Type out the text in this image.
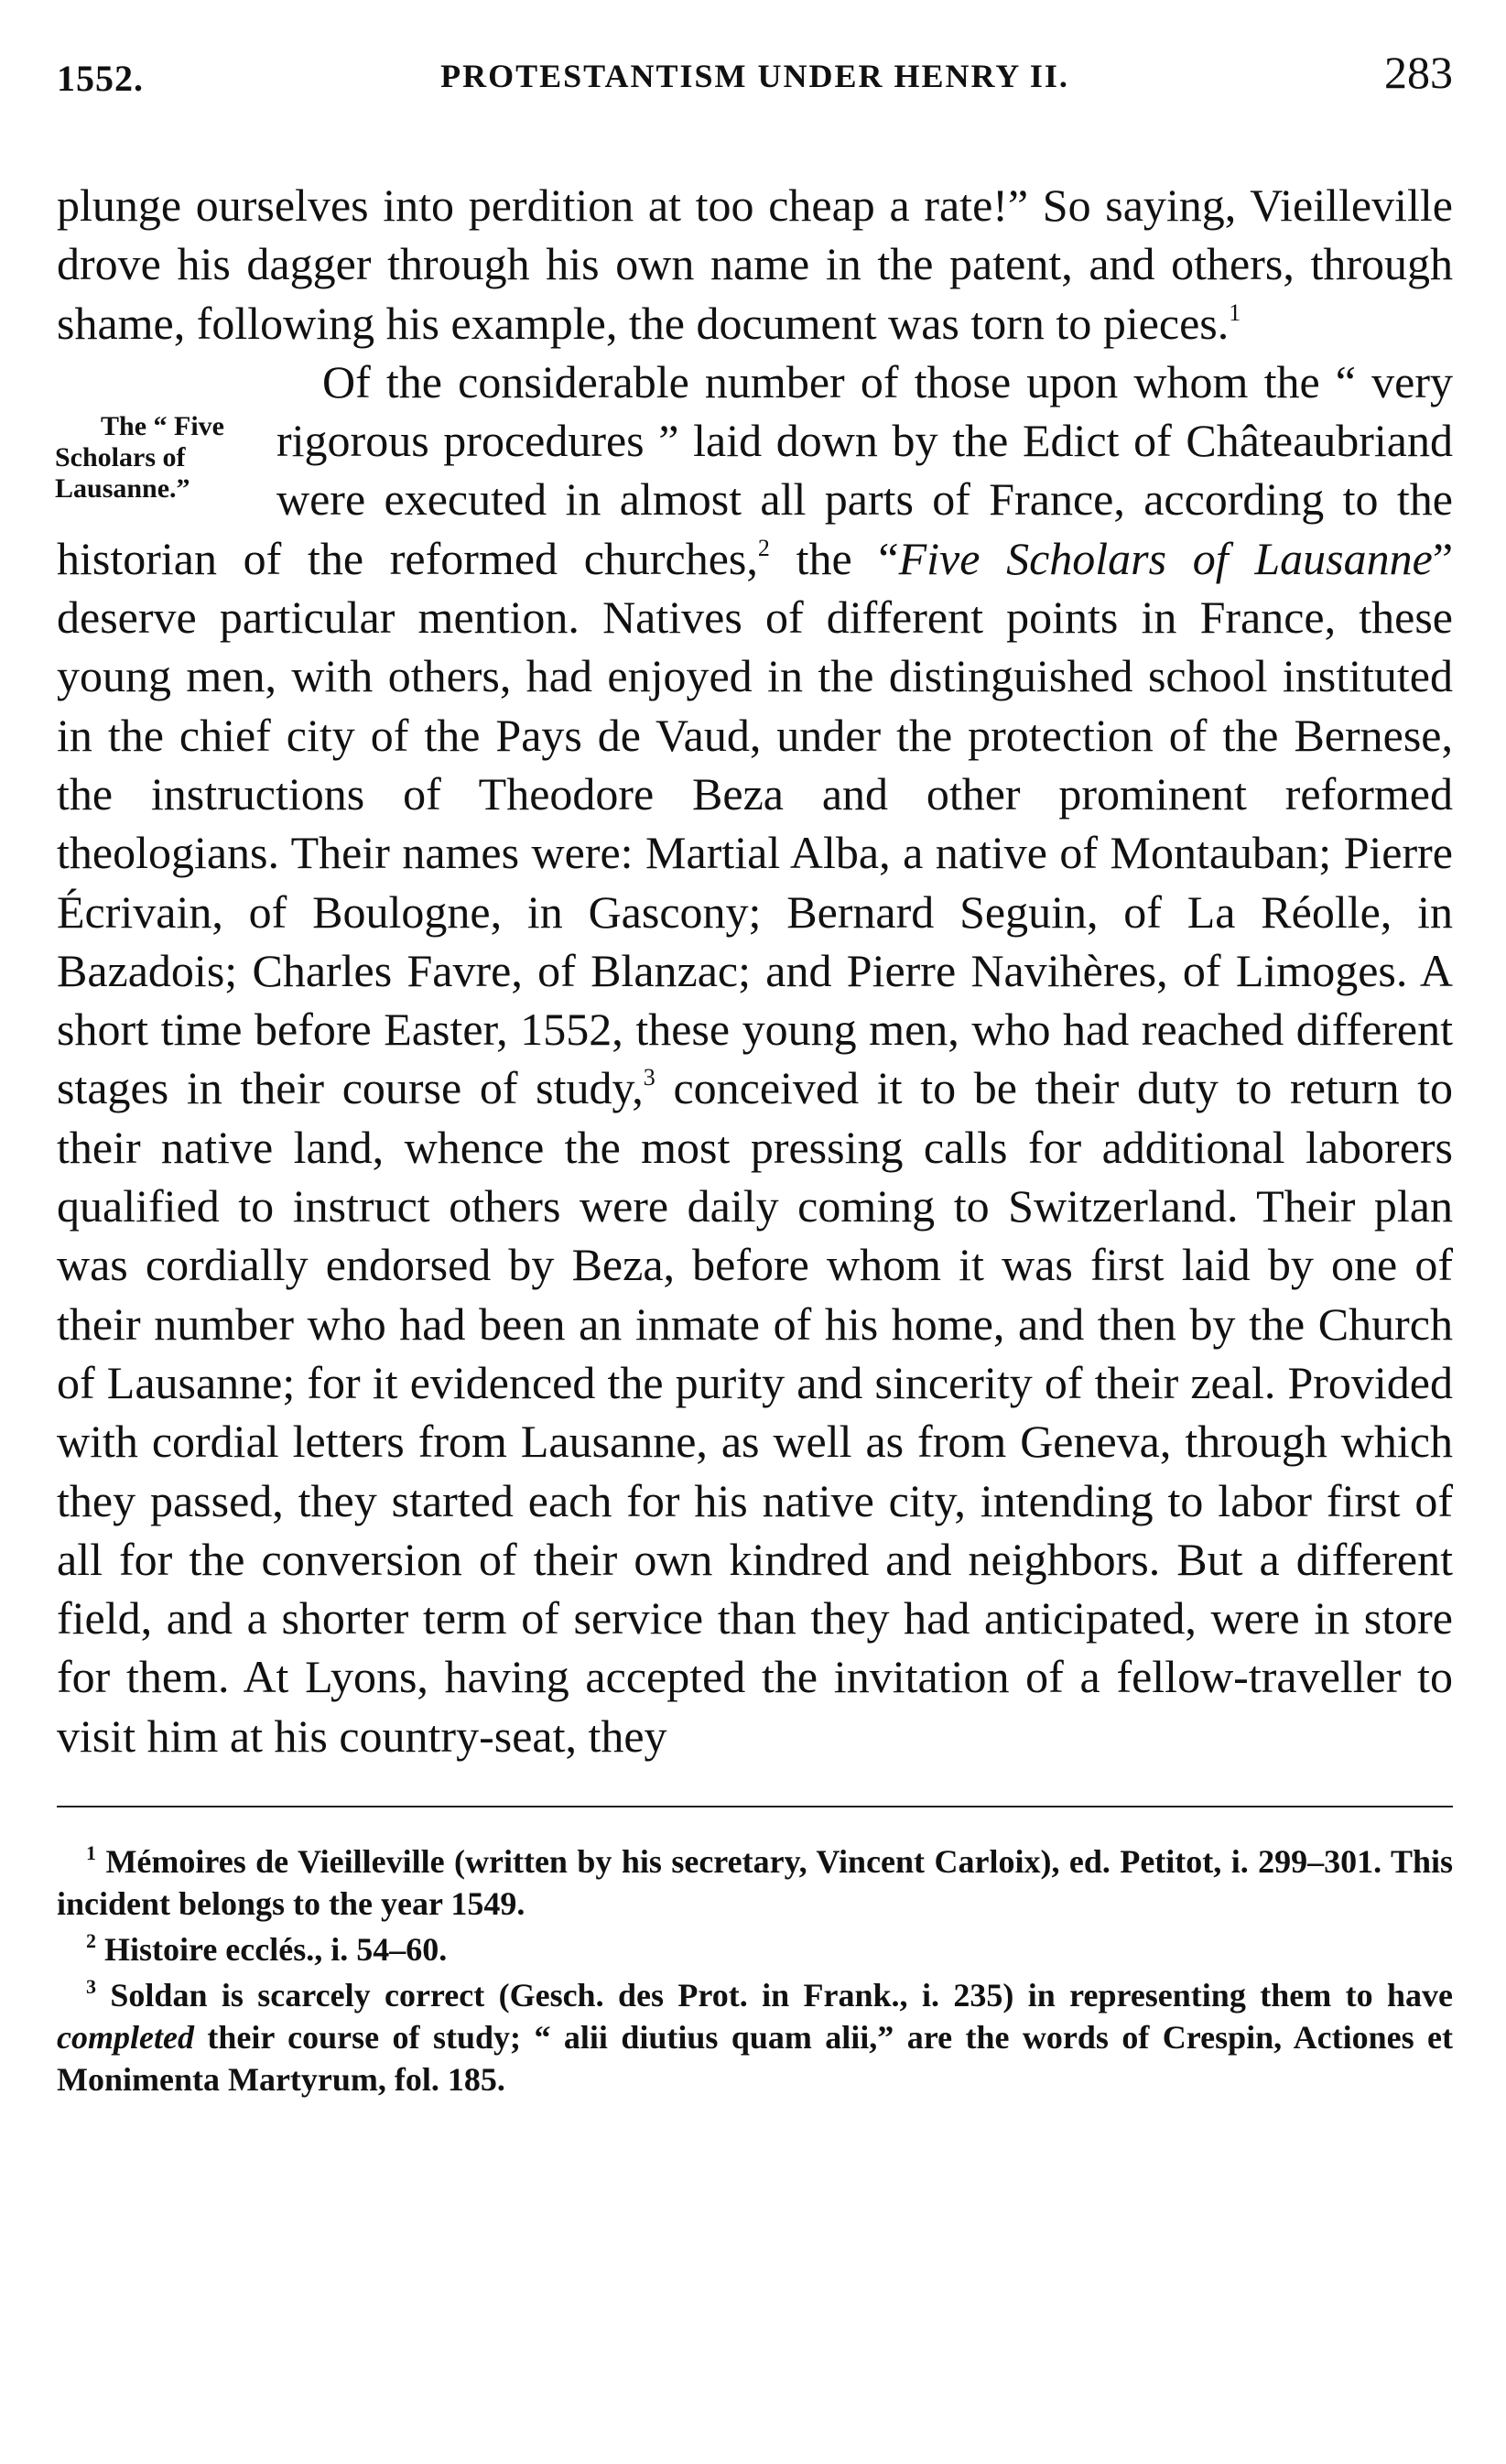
1552.	PROTESTANTISM UNDER HENRY II.	283

plunge ourselves into perdition at too cheap a rate!” So saying, Vieilleville drove his dagger through his own name in the patent, and others, through shame, following his example, the document was torn to pieces.$^1$

The “ Five
Scholars of
Lausanne.”
Of the considerable number of those upon whom the “ very rigorous procedures ” laid down by the Edict of Châteaubriand were executed in almost all parts of France, according to the historian of the reformed churches,$^2$ the “Five Scholars of Lausanne” deserve particular mention. Natives of different points in France, these young men, with others, had enjoyed in the distinguished school instituted in the chief city of the Pays de Vaud, under the protection of the Bernese, the instructions of Theodore Beza and other prominent reformed theologians. Their names were: Martial Alba, a native of Montauban; Pierre Écrivain, of Boulogne, in Gascony; Bernard Seguin, of La Réolle, in Bazadois; Charles Favre, of Blanzac; and Pierre Navihères, of Limoges. A short time before Easter, 1552, these young men, who had reached different stages in their course of study,$^3$ conceived it to be their duty to return to their native land, whence the most pressing calls for additional laborers qualified to instruct others were daily coming to Switzerland. Their plan was cordially endorsed by Beza, before whom it was first laid by one of their number who had been an inmate of his home, and then by the Church of Lausanne; for it evidenced the purity and sincerity of their zeal. Provided with cordial letters from Lausanne, as well as from Geneva, through which they passed, they started each for his native city, intending to labor first of all for the conversion of their own kindred and neighbors. But a different field, and a shorter term of service than they had anticipated, were in store for them. At Lyons, having accepted the invitation of a fellow-traveller to visit him at his country-seat, they

$^1$ Mémoires de Vieilleville (written by his secretary, Vincent Carloix), ed. Petitot, i. 299–301. This incident belongs to the year 1549.

$^2$ Histoire ecclés., i. 54–60.

$^3$ Soldan is scarcely correct (Gesch. des Prot. in Frank., i. 235) in representing them to have completed their course of study; “ alii diutius quam alii,” are the words of Crespin, Actiones et Monimenta Martyrum, fol. 185.
